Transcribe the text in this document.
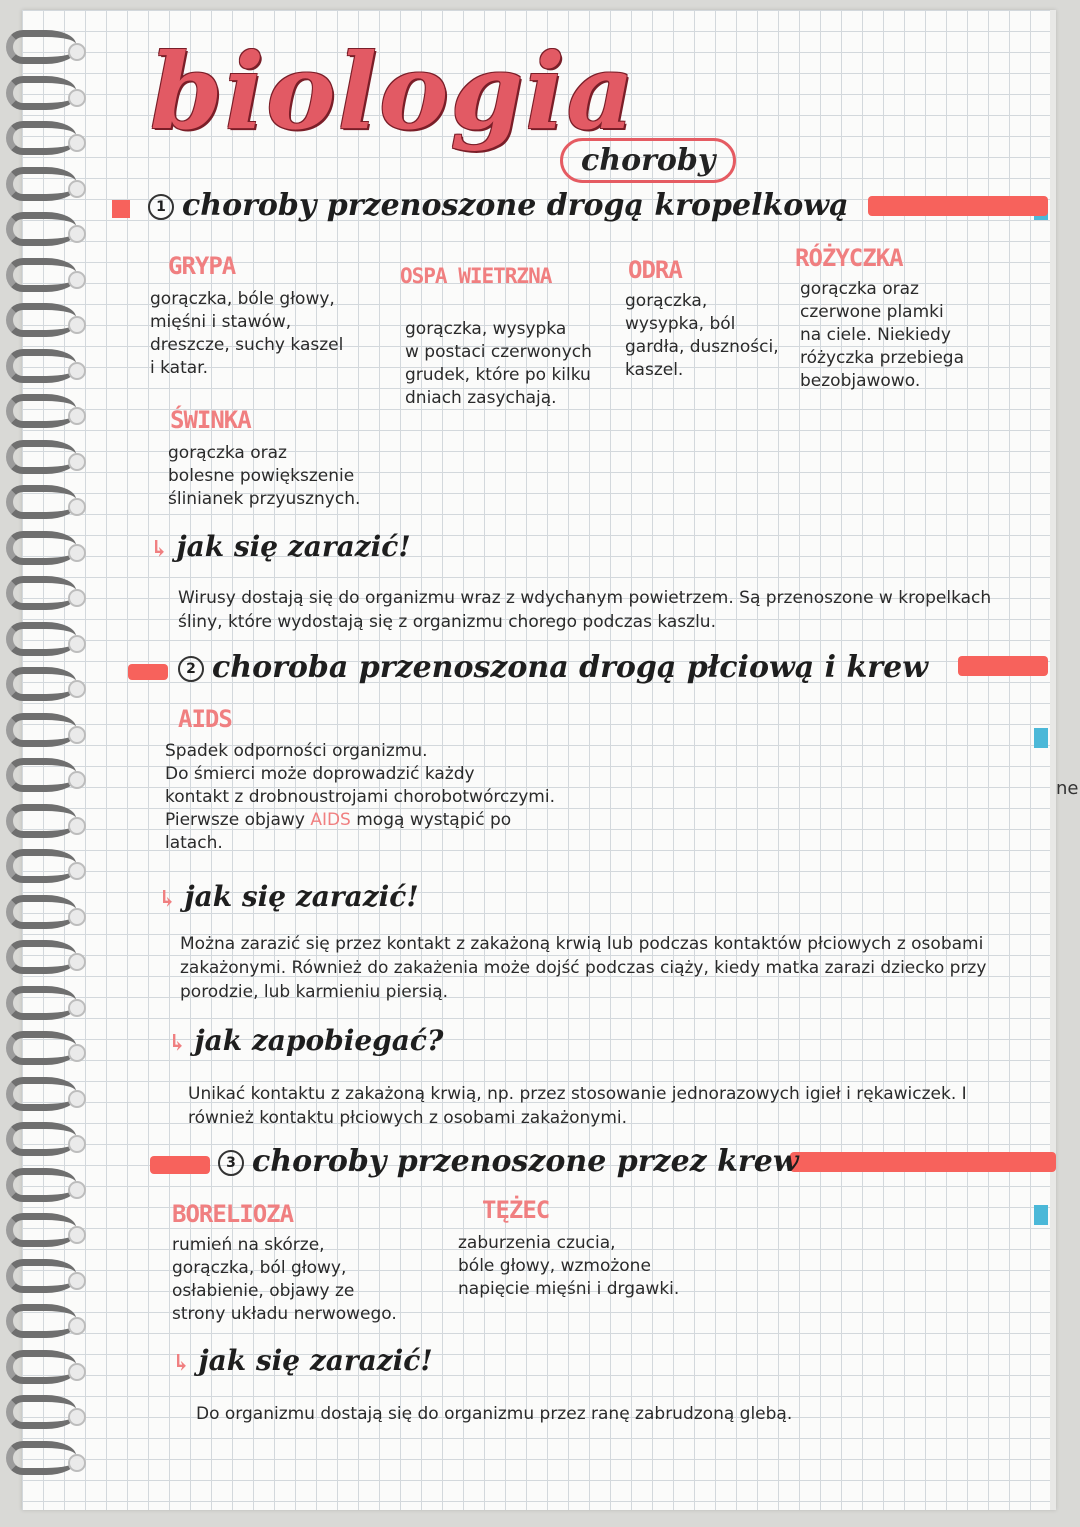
ne
biologia
choroby
1 choroby przenoszone drogą kropelkową
GRYPA
gorączka, bóle głowy,
mięśni i stawów,
dreszcze, suchy kaszel
i katar.
OSPA WIETRZNA
gorączka, wysypka
w postaci czerwonych
grudek, które po kilku
dniach zasychają.
ODRA
gorączka,
wysypka, ból
gardła, duszności,
kaszel.
RÓŻYCZKA
gorączka oraz
czerwone plamki
na ciele. Niekiedy
różyczka przebiega
bezobjawowo.
ŚWINKA
gorączka oraz
bolesne powiększenie
ślinianek przyusznych.
↳ jak się zarazić!
Wirusy dostają się do organizmu wraz z wdychanym powietrzem. Są przenoszone w kropelkach śliny, które wydostają się z organizmu chorego podczas kaszlu.
2 choroba przenoszona drogą płciową i krew
AIDS
Spadek odporności organizmu.
Do śmierci może doprowadzić każdy
kontakt z drobnoustrojami chorobotwórczymi.
Pierwsze objawy AIDS mogą wystąpić po
latach.
↳ jak się zarazić!
Można zarazić się przez kontakt z zakażoną krwią lub podczas kontaktów płciowych z osobami zakażonymi. Również do zakażenia może dojść podczas ciąży, kiedy matka zarazi dziecko przy porodzie, lub karmieniu piersią.
↳ jak zapobiegać?
Unikać kontaktu z zakażoną krwią, np. przez stosowanie jednorazowych igieł i rękawiczek. I również kontaktu płciowych z osobami zakażonymi.
3 choroby przenoszone przez krew
BORELIOZA
rumień na skórze,
gorączka, ból głowy,
osłabienie, objawy ze
strony układu nerwowego.
TĘŻEC
zaburzenia czucia,
bóle głowy, wzmożone
napięcie mięśni i drgawki.
↳ jak się zarazić!
Do organizmu dostają się do organizmu przez ranę zabrudzoną glebą.
